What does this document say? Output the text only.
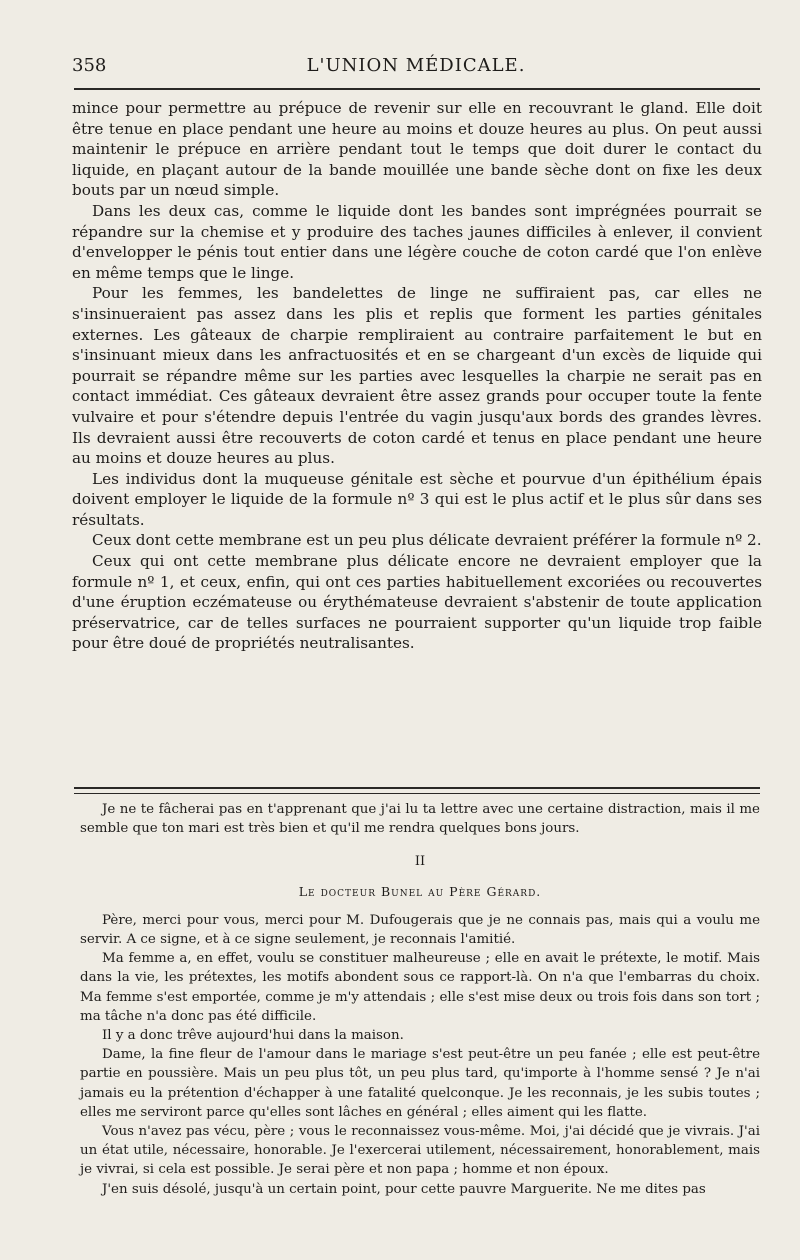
358	L'UNION MÉDICALE.

mince pour permettre au prépuce de revenir sur elle en recouvrant le gland. Elle doit être tenue en place pendant une heure au moins et douze heures au plus. On peut aussi maintenir le prépuce en arrière pendant tout le temps que doit durer le contact du liquide, en plaçant autour de la bande mouillée une bande sèche dont on fixe les deux bouts par un nœud simple.

Dans les deux cas, comme le liquide dont les bandes sont imprégnées pourrait se répandre sur la chemise et y produire des taches jaunes difficiles à enlever, il convient d'envelopper le pénis tout entier dans une légère couche de coton cardé que l'on enlève en même temps que le linge.

Pour les femmes, les bandelettes de linge ne suffiraient pas, car elles ne s'insinueraient pas assez dans les plis et replis que forment les parties génitales externes. Les gâteaux de charpie rempliraient au contraire parfaitement le but en s'insinuant mieux dans les anfractuosités et en se chargeant d'un excès de liquide qui pourrait se répandre même sur les parties avec lesquelles la charpie ne serait pas en contact immédiat. Ces gâteaux devraient être assez grands pour occuper toute la fente vulvaire et pour s'étendre depuis l'entrée du vagin jusqu'aux bords des grandes lèvres. Ils devraient aussi être recouverts de coton cardé et tenus en place pendant une heure au moins et douze heures au plus.

Les individus dont la muqueuse génitale est sèche et pourvue d'un épithélium épais doivent employer le liquide de la formule nº 3 qui est le plus actif et le plus sûr dans ses résultats.

Ceux dont cette membrane est un peu plus délicate devraient préférer la formule nº 2.

Ceux qui ont cette membrane plus délicate encore ne devraient employer que la formule nº 1, et ceux, enfin, qui ont ces parties habituellement excoriées ou recouvertes d'une éruption eczémateuse ou érythémateuse devraient s'abstenir de toute application préservatrice, car de telles surfaces ne pourraient supporter qu'un liquide trop faible pour être doué de propriétés neutralisantes.

Je ne te fâcherai pas en t'apprenant que j'ai lu ta lettre avec une certaine distraction, mais il me semble que ton mari est très bien et qu'il me rendra quelques bons jours.

II
Le docteur Bunel au Père Gérard.

Père, merci pour vous, merci pour M. Dufougerais que je ne connais pas, mais qui a voulu me servir. A ce signe, et à ce signe seulement, je reconnais l'amitié.

Ma femme a, en effet, voulu se constituer malheureuse ; elle en avait le prétexte, le motif. Mais dans la vie, les prétextes, les motifs abondent sous ce rapport-là. On n'a que l'embarras du choix. Ma femme s'est emportée, comme je m'y attendais ; elle s'est mise deux ou trois fois dans son tort ; ma tâche n'a donc pas été difficile.

Il y a donc trêve aujourd'hui dans la maison.

Dame, la fine fleur de l'amour dans le mariage s'est peut-être un peu fanée ; elle est peut-être partie en poussière. Mais un peu plus tôt, un peu plus tard, qu'importe à l'homme sensé ? Je n'ai jamais eu la prétention d'échapper à une fatalité quelconque. Je les reconnais, je les subis toutes ; elles me serviront parce qu'elles sont lâches en général ; elles aiment qui les flatte.

Vous n'avez pas vécu, père ; vous le reconnaissez vous-même. Moi, j'ai décidé que je vivrais. J'ai un état utile, nécessaire, honorable. Je l'exercerai utilement, nécessairement, honorablement, mais je vivrai, si cela est possible. Je serai père et non papa ; homme et non époux.

J'en suis désolé, jusqu'à un certain point, pour cette pauvre Marguerite. Ne me dites pas
